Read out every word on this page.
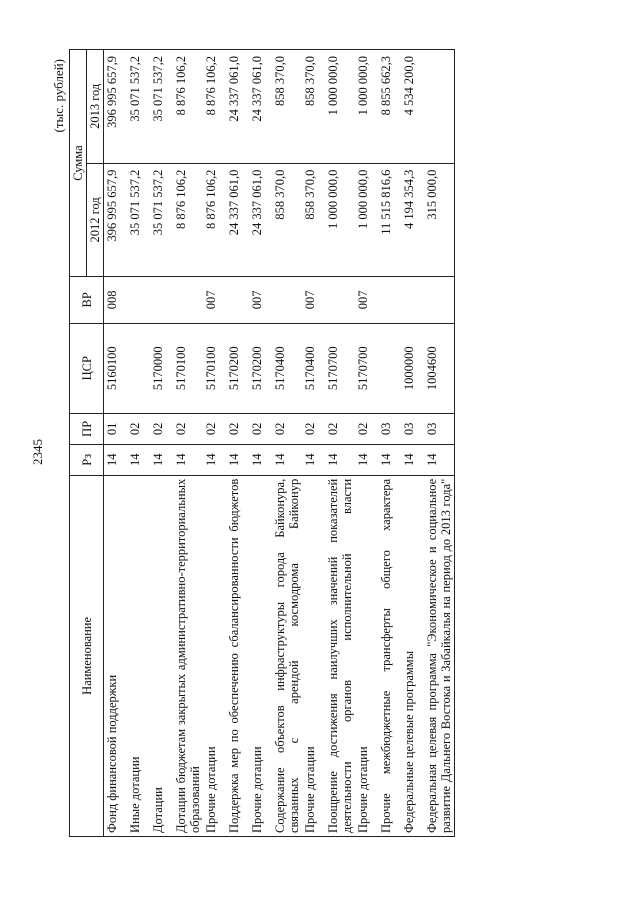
2345
(тыс. рублей)
Наименование	Рз	ПР	ЦСР	ВР	Сумма	
					2012 год	2013 год
Фонд финансовой поддержки	14	01	5160100	008	396 995 657,9	396 995 657,9
Иные дотации	14	02			35 071 537,2	35 071 537,2
Дотации	14	02	5170000		35 071 537,2	35 071 537,2

Дотации бюджетам закрытых административно-территориальных образований	14	02	5170100		8 876 106,2	8 876 106,2
Прочие дотации	14	02	5170100	007	8 876 106,2	8 876 106,2

Поддержка мер по обеспечению сбалансированности бюджетов	14	02	5170200		24 337 061,0	24 337 061,0
Прочие дотации	14	02	5170200	007	24 337 061,0	24 337 061,0

Содержание объектов инфраструктуры города Байконура, связанных с арендой космодрома Байконур	14	02	5170400		858 370,0	858 370,0
Прочие дотации	14	02	5170400	007	858 370,0	858 370,0

Поощрение достижения наилучших значений показателей деятельности органов исполнительной власти	14	02	5170700		1 000 000,0	1 000 000,0
Прочие дотации	14	02	5170700	007	1 000 000,0	1 000 000,0

Прочие межбюджетные трансферты общего характера	14	03			11 515 816,6	8 855 662,3
Федеральные целевые программы	14	03	1000000		4 194 354,3	4 534 200,0

Федеральная целевая программа "Экономическое и социальное развитие Дальнего Востока и Забайкалья на период до 2013 года"	14	03	1004600		315 000,0	
